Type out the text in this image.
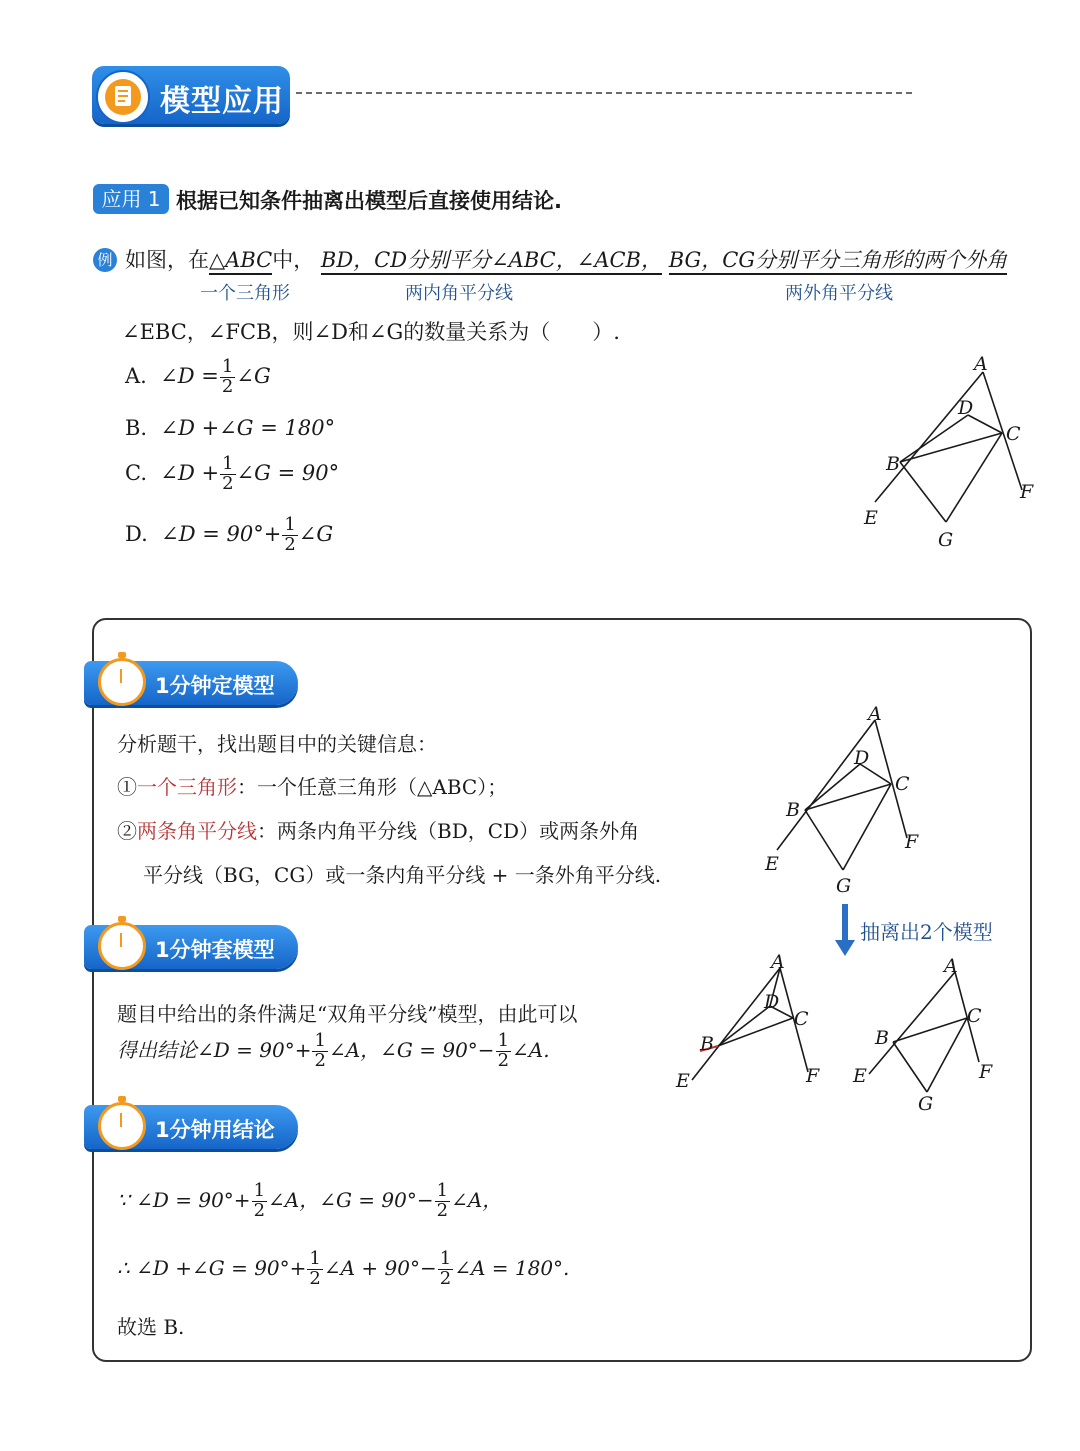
模型应用
应用 1 根据已知条件抽离出模型后直接使用结论.
例 如图，在△ABC中， BD，CD分别平分∠ABC，∠ACB， BG，CG分别平分三角形的两个外角
一个三角形	两内角平分线	两外角平分线
∠EBC，∠FCB，则∠D和∠G的数量关系为（　　）.
A. ∠D = $\frac{1}{2}$ ∠G
B. ∠D +∠G = 180°
C. ∠D + $\frac{1}{2}$ ∠G = 90°
D. ∠D = $90^\circ+ \frac{1}{2}$ ∠G
A
D
C
B
F
E
G
1分钟定模型
分析题干，找出题目中的关键信息：
①一个三角形：一个任意三角形（△ABC）；
②两条角平分线：两条内角平分线（BD，CD）或两条外角
平分线（BG，CG）或一条内角平分线 + 一条外角平分线.
A
D
C
B
F
E
G
抽离出2个模型
1分钟套模型
题目中给出的条件满足“双角平分线”模型，由此可以
得出结论∠D = $90^\circ+ \frac{1}{2}$ ∠A，∠G = $90^\circ- \frac{1}{2}$ ∠A.
A
D
C
B
F
E
A
C
B
F
E
G
1分钟用结论
∵ ∠D = $90^\circ+ \frac{1}{2}$ ∠A，∠G = $90^\circ- \frac{1}{2}$ ∠A，
∴ ∠D +∠G = $90^\circ+ \frac{1}{2}$ ∠A + $90^\circ- \frac{1}{2}$ ∠A = 180°.
故选 B.
